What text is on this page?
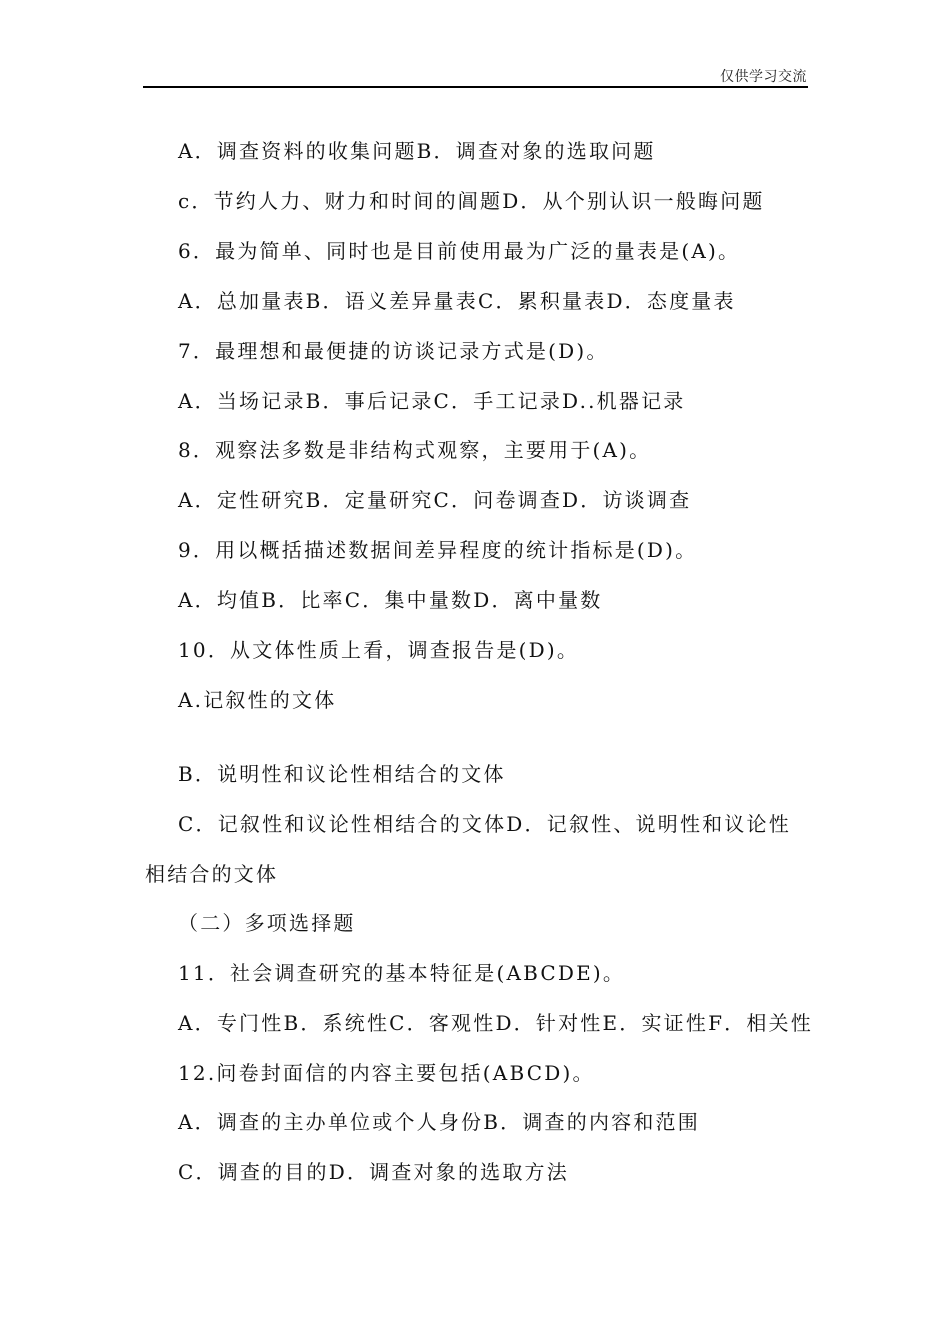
仅供学习交流
A．调查资料的收集问题B．调查对象的选取问题
c．节约人力、财力和时间的阊题D．从个别认识一般晦问题
6．最为简单、同时也是目前使用最为广泛的量表是(A)。
A．总加量表B．语义差异量表C．累积量表D．态度量表
7．最理想和最便捷的访谈记录方式是(D)。
A．当场记录B．事后记录C．手工记录D..机器记录
8．观察法多数是非结构式观察，主要用于(A)。
A．定性研究B．定量研究C．问卷调查D．访谈调查
9．用以概括描述数据间差异程度的统计指标是(D)。
A．均值B．比率C．集中量数D．离中量数
10．从文体性质上看，调查报告是(D)。
A.记叙性的文体
B．说明性和议论性相结合的文体
C．记叙性和议论性相结合的文体D．记叙性、说明性和议论性
相结合的文体
（二）多项选择题
11．社会调查研究的基本特征是(ABCDE)。
A．专门性B．系统性C．客观性D．针对性E．实证性F．相关性
12.问卷封面信的内容主要包括(ABCD)。
A．调查的主办单位或个人身份B．调查的内容和范围
C．调查的目的D．调查对象的选取方法
